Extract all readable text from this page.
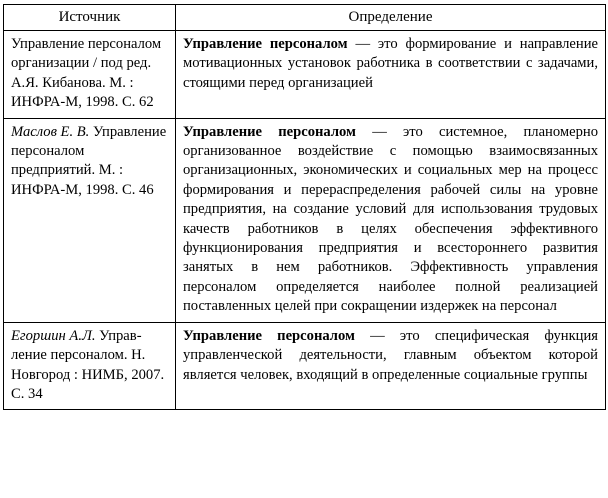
Источник	Определение
Управление персоналом организации / под ред. А.Я. Кибанова. М. : ИНФРА-М, 1998. С. 62	Управление персоналом — это формирование и направление мотивационных установок работника в соответствии с задачами, стоящими перед организацией
Маслов Е. В. Управление персоналом предприятий. М. : ИНФРА-М, 1998. С. 46	Управление персоналом — это системное, планомерно организованное воздействие с помощью взаимосвязанных организационных, экономических и социальных мер на процесс формирования и перераспределения рабочей силы на уровне предприятия, на создание условий для использования трудовых качеств работников в целях обеспечения эффективного функционирования предприятия и всестороннего развития занятых в нем работников. Эффективность управления персоналом определяется наиболее полной реализацией поставленных целей при сокращении издержек на персонал
Егоршин А.Л. Управление персоналом. Н. Новгород : НИМБ, 2007. С. 34	Управление персоналом — это специфическая функция управленческой деятельности, главным объектом которой является человек, входящий в определенные социальные группы
